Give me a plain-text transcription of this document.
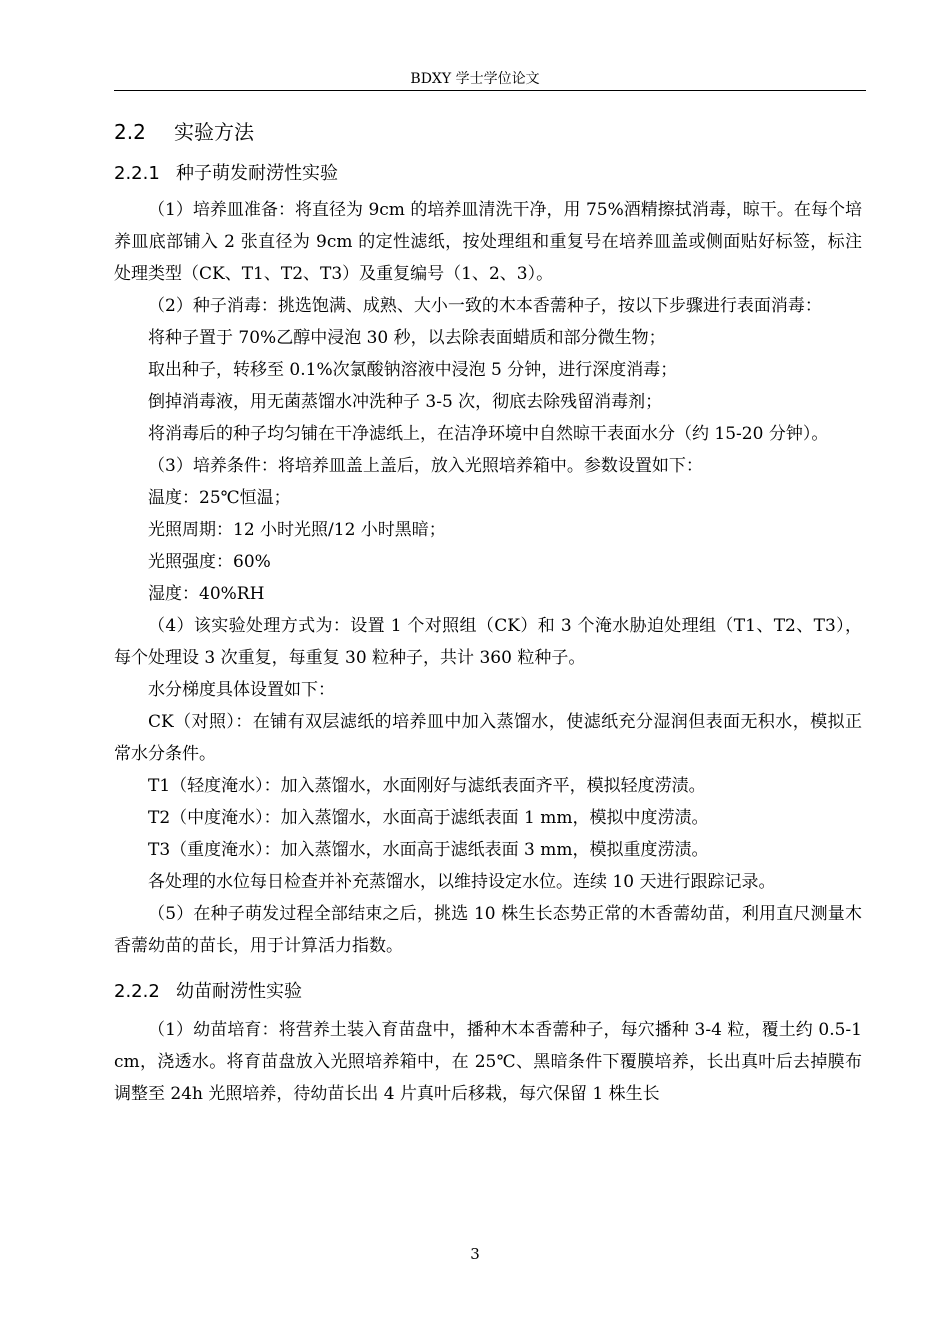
BDXY 学士学位论文
2.2 实验方法
2.2.1 种子萌发耐涝性实验

（1）培养皿准备：将直径为 9cm 的培养皿清洗干净，用 75%酒精擦拭消毒，晾干。在每个培养皿底部铺入 2 张直径为 9cm 的定性滤纸，按处理组和重复号在培养皿盖或侧面贴好标签，标注处理类型（CK、T1、T2、T3）及重复编号（1、2、3）。

（2）种子消毒：挑选饱满、成熟、大小一致的木本香薷种子，按以下步骤进行表面消毒：

将种子置于 70%乙醇中浸泡 30 秒，以去除表面蜡质和部分微生物；

取出种子，转移至 0.1%次氯酸钠溶液中浸泡 5 分钟，进行深度消毒；

倒掉消毒液，用无菌蒸馏水冲洗种子 3-5 次，彻底去除残留消毒剂；

将消毒后的种子均匀铺在干净滤纸上，在洁净环境中自然晾干表面水分（约 15-20 分钟）。

（3）培养条件：将培养皿盖上盖后，放入光照培养箱中。参数设置如下：

温度：25℃恒温；

光照周期：12 小时光照/12 小时黑暗；

光照强度：60%

湿度：40%RH

（4）该实验处理方式为：设置 1 个对照组（CK）和 3 个淹水胁迫处理组（T1、T2、T3），每个处理设 3 次重复，每重复 30 粒种子，共计 360 粒种子。

水分梯度具体设置如下：

CK（对照）：在铺有双层滤纸的培养皿中加入蒸馏水，使滤纸充分湿润但表面无积水，模拟正常水分条件。

T1（轻度淹水）：加入蒸馏水，水面刚好与滤纸表面齐平，模拟轻度涝渍。

T2（中度淹水）：加入蒸馏水，水面高于滤纸表面 1 mm，模拟中度涝渍。

T3（重度淹水）：加入蒸馏水，水面高于滤纸表面 3 mm，模拟重度涝渍。

各处理的水位每日检查并补充蒸馏水，以维持设定水位。连续 10 天进行跟踪记录。

（5）在种子萌发过程全部结束之后，挑选 10 株生长态势正常的木香薷幼苗，利用直尺测量木香薷幼苗的苗长，用于计算活力指数。

2.2.2 幼苗耐涝性实验

（1）幼苗培育：将营养土装入育苗盘中，播种木本香薷种子，每穴播种 3-4 粒，覆土约 0.5-1 cm，浇透水。将育苗盘放入光照培养箱中，在 25℃、黑暗条件下覆膜培养，长出真叶后去掉膜布调整至 24h 光照培养，待幼苗长出 4 片真叶后移栽，每穴保留 1 株生长

3
